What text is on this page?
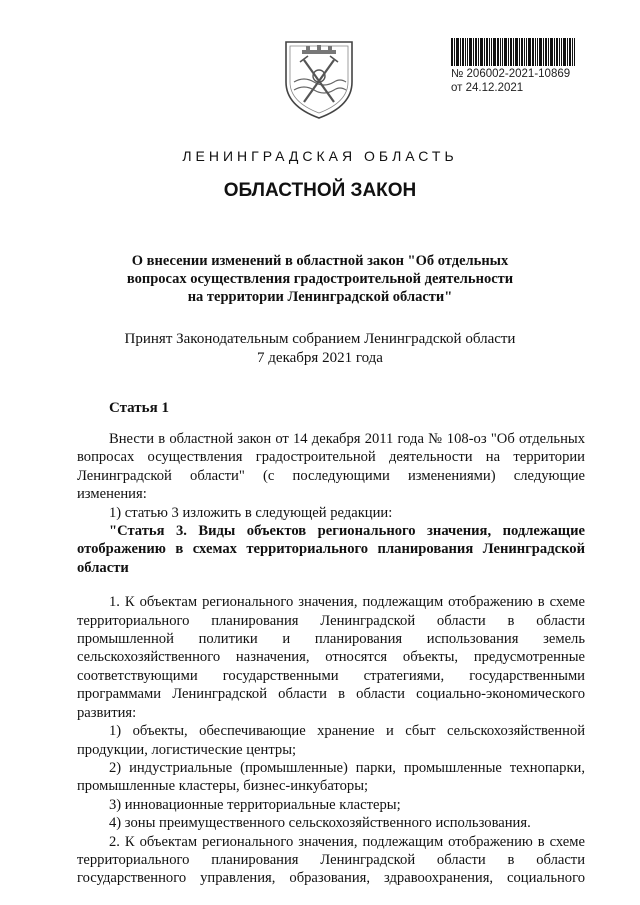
№ 206002-2021-10869
от 24.12.2021
ЛЕНИНГРАДСКАЯ ОБЛАСТЬ
ОБЛАСТНОЙ ЗАКОН
О внесении изменений в областной закон "Об отдельных
вопросах осуществления градостроительной деятельности
на территории Ленинградской области"
Принят Законодательным собранием Ленинградской области
7 декабря 2021 года
Статья 1

Внести в областной закон от 14 декабря 2011 года № 108-оз "Об отдельных вопросах осуществления градостроительной деятельности на территории Ленинградской области" (с последующими изменениями) следующие изменения:

1) статью 3 изложить в следующей редакции:

"Статья 3. Виды объектов регионального значения, подлежащие отображению в схемах территориального планирования Ленинградской области

1. К объектам регионального значения, подлежащим отображению в схеме территориального планирования Ленинградской области в области промышленной политики и планирования использования земель сельскохозяйственного назначения, относятся объекты, предусмотренные соответствующими государственными стратегиями, государственными программами Ленинградской области в области социально-экономического развития:

1) объекты, обеспечивающие хранение и сбыт сельскохозяйственной продукции, логистические центры;

2) индустриальные (промышленные) парки, промышленные технопарки, промышленные кластеры, бизнес-инкубаторы;

3) инновационные территориальные кластеры;

4) зоны преимущественного сельскохозяйственного использования.

2. К объектам регионального значения, подлежащим отображению в схеме территориального планирования Ленинградской области в области государственного управления, образования, здравоохранения, социального
